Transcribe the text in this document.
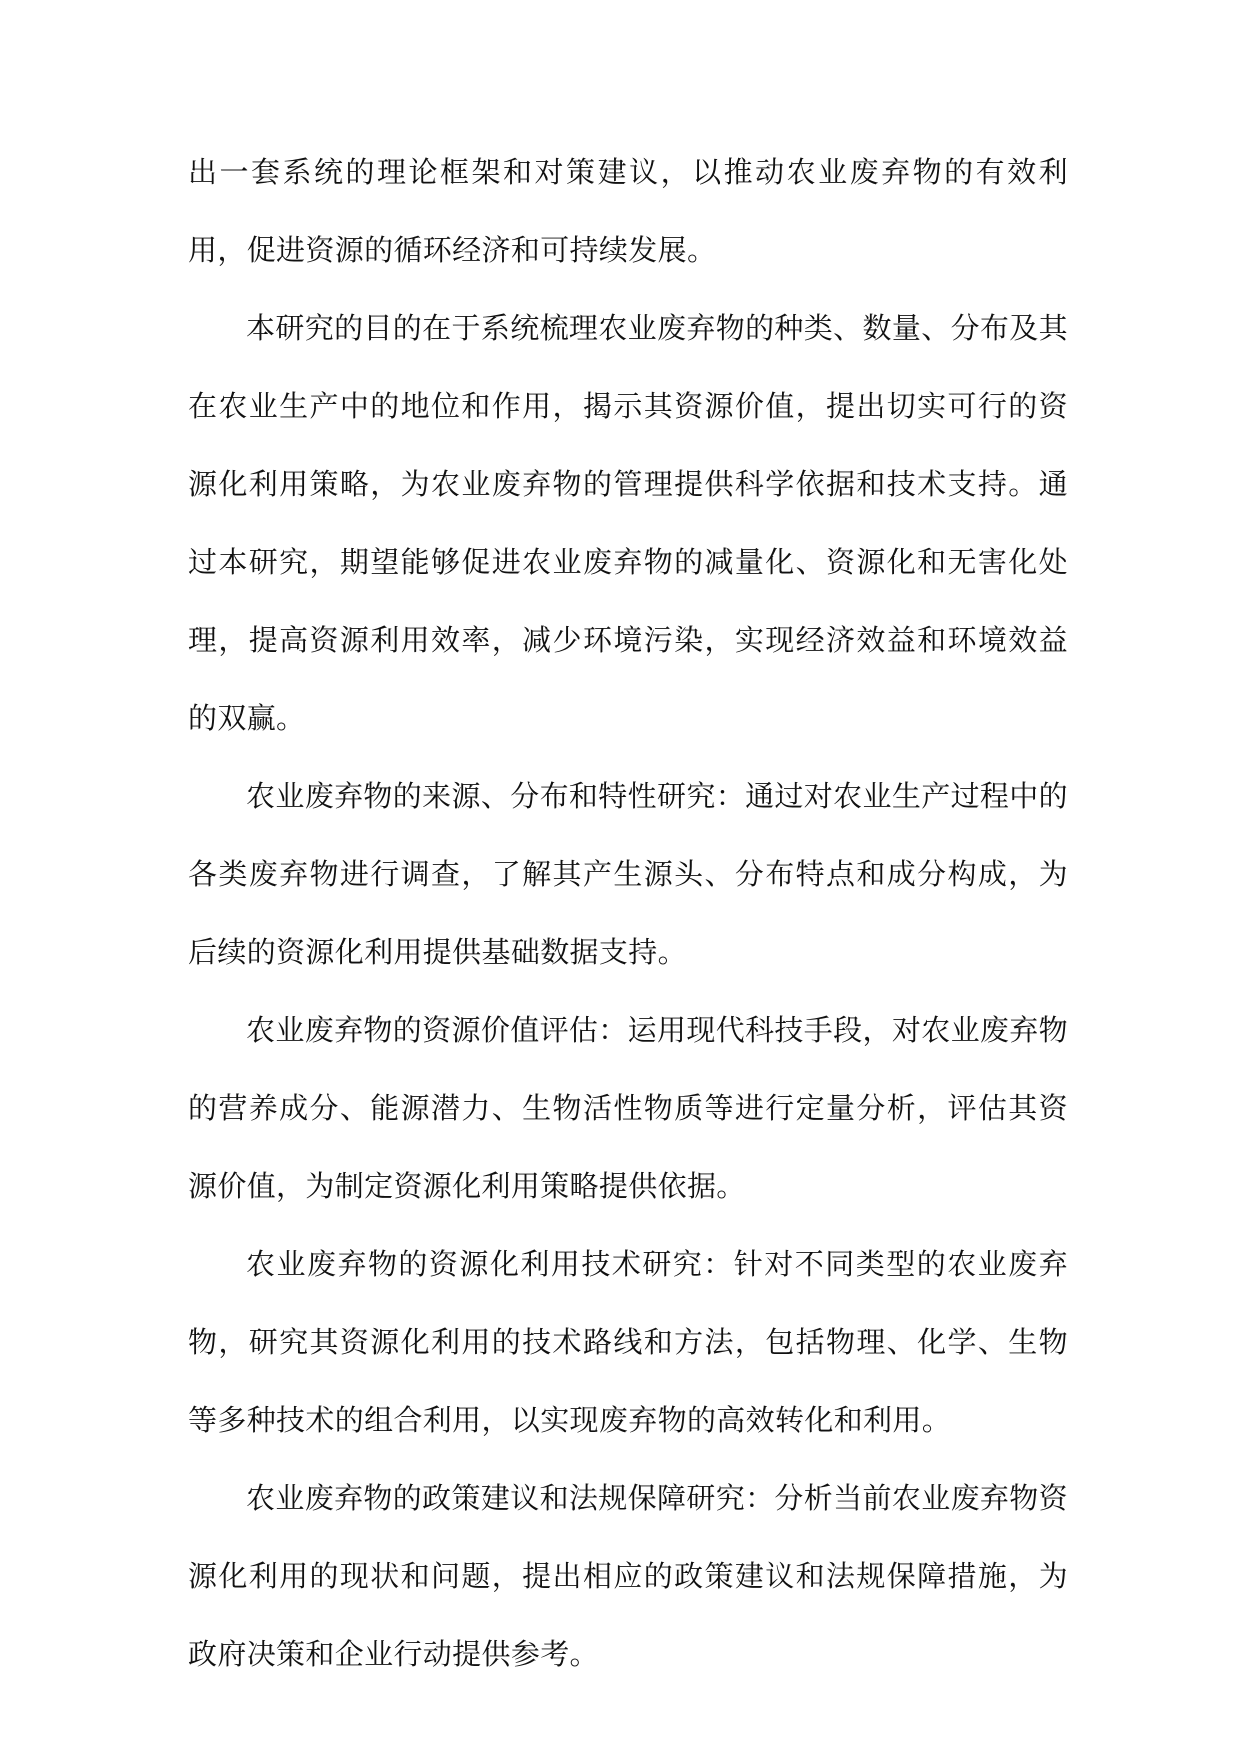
出一套系统的理论框架和对策建议，以推动农业废弃物的有效利用，促进资源的循环经济和可持续发展。

本研究的目的在于系统梳理农业废弃物的种类、数量、分布及其在农业生产中的地位和作用，揭示其资源价值，提出切实可行的资源化利用策略，为农业废弃物的管理提供科学依据和技术支持。通过本研究，期望能够促进农业废弃物的减量化、资源化和无害化处理，提高资源利用效率，减少环境污染，实现经济效益和环境效益的双赢。

农业废弃物的来源、分布和特性研究：通过对农业生产过程中的各类废弃物进行调查，了解其产生源头、分布特点和成分构成，为后续的资源化利用提供基础数据支持。

农业废弃物的资源价值评估：运用现代科技手段，对农业废弃物的营养成分、能源潜力、生物活性物质等进行定量分析，评估其资源价值，为制定资源化利用策略提供依据。

农业废弃物的资源化利用技术研究：针对不同类型的农业废弃物，研究其资源化利用的技术路线和方法，包括物理、化学、生物等多种技术的组合利用，以实现废弃物的高效转化和利用。

农业废弃物的政策建议和法规保障研究：分析当前农业废弃物资源化利用的现状和问题，提出相应的政策建议和法规保障措施，为政府决策和企业行动提供参考。
